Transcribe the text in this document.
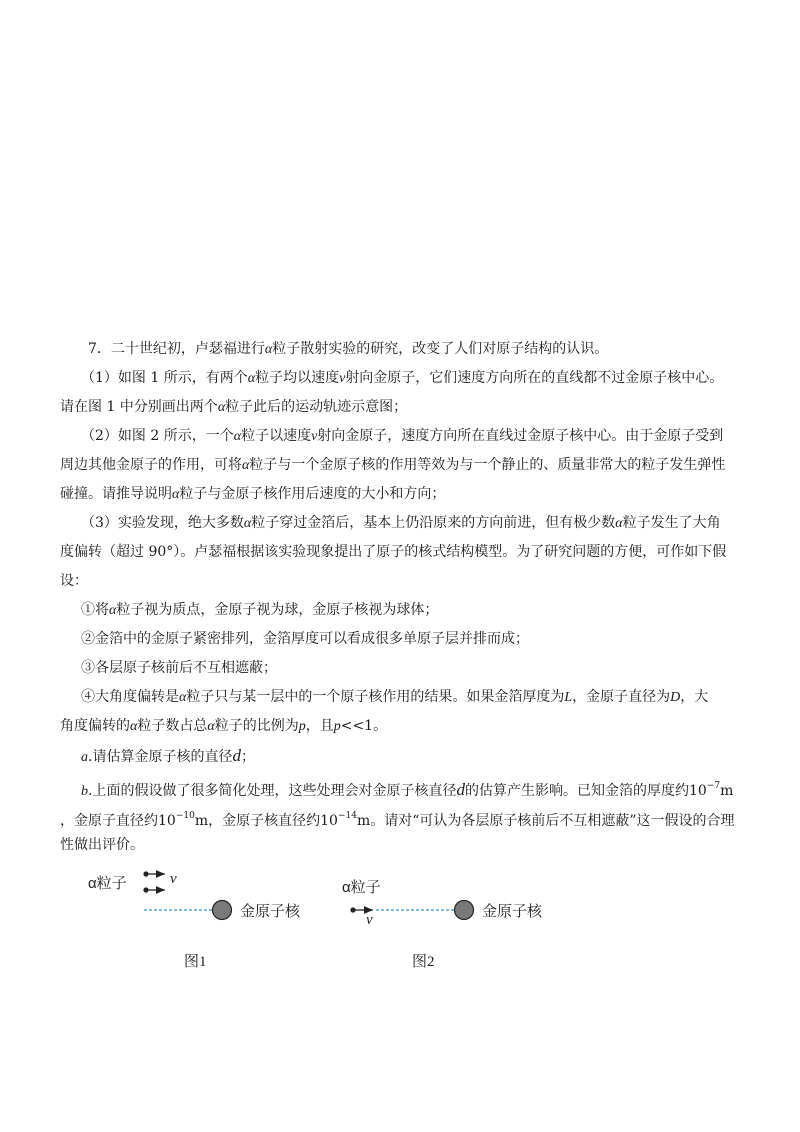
7．二十世纪初，卢瑟福进行α粒子散射实验的研究，改变了人们对原子结构的认识。
（1）如图 1 所示，有两个α粒子均以速度v射向金原子，它们速度方向所在的直线都不过金原子核中心。
请在图 1 中分别画出两个α粒子此后的运动轨迹示意图；
（2）如图 2 所示，一个α粒子以速度v射向金原子，速度方向所在直线过金原子核中心。由于金原子受到
周边其他金原子的作用，可将α粒子与一个金原子核的作用等效为与一个静止的、质量非常大的粒子发生弹性
碰撞。请推导说明α粒子与金原子核作用后速度的大小和方向；
（3）实验发现，绝大多数α粒子穿过金箔后，基本上仍沿原来的方向前进，但有极少数α粒子发生了大角
度偏转（超过 90°）。卢瑟福根据该实验现象提出了原子的核式结构模型。为了研究问题的方便，可作如下假
设：
①将α粒子视为质点，金原子视为球，金原子核视为球体；
②金箔中的金原子紧密排列，金箔厚度可以看成很多单原子层并排而成；
③各层原子核前后不互相遮蔽；
④大角度偏转是α粒子只与某一层中的一个原子核作用的结果。如果金箔厚度为L，金原子直径为D，大
角度偏转的α粒子数占总α粒子的比例为p，且p<<1。
a.请估算金原子核的直径d；
b.上面的假设做了很多简化处理，这些处理会对金原子核直径d的估算产生影响。已知金箔的厚度约$10^{-7}m$
，金原子直径约$10^{-10}m$，金原子核直径约$10^{-14}m$。请对“可认为各层原子核前后不互相遮蔽”这一假设的合理
性做出评价。
α粒子	v
金原子核
图1
α粒子
v	金原子核
图2
